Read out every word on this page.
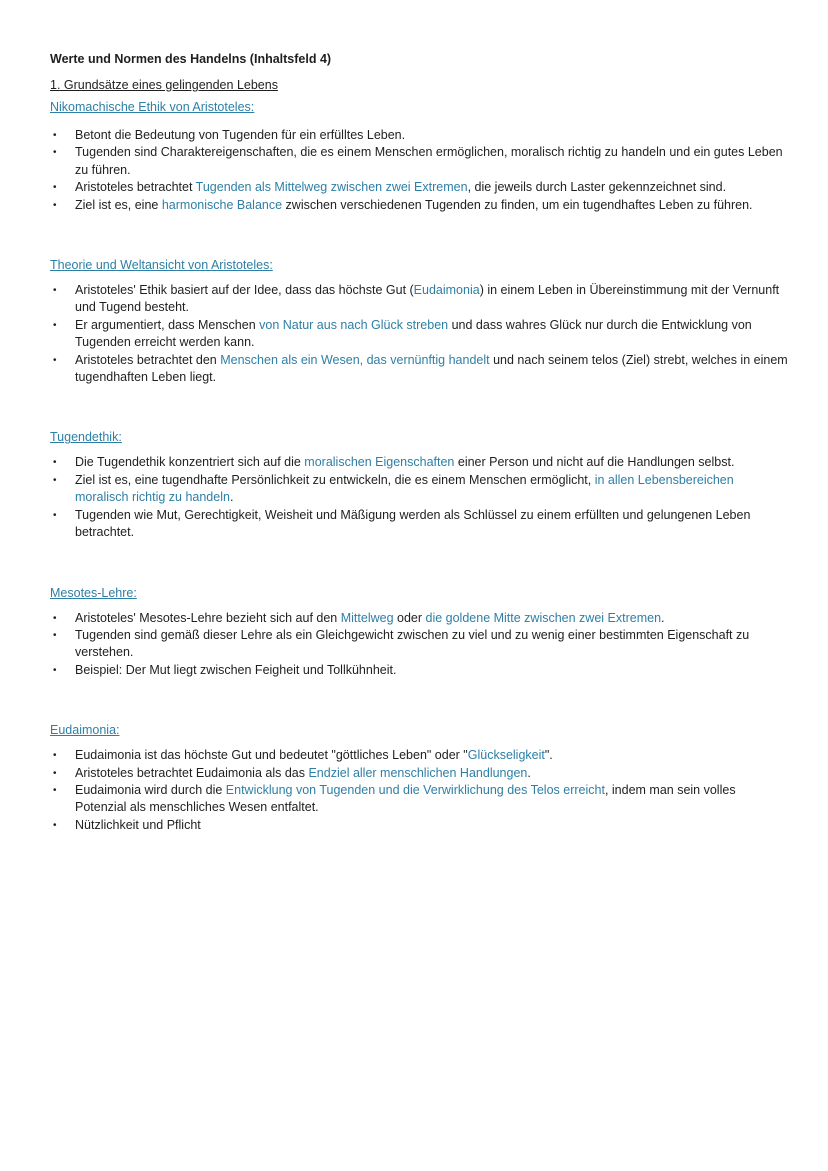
Werte und Normen des Handelns (Inhaltsfeld 4)
1. Grundsätze eines gelingenden Lebens
Nikomachische Ethik von Aristoteles:
• Betont die Bedeutung von Tugenden für ein erfülltes Leben.
• Tugenden sind Charaktereigenschaften, die es einem Menschen ermöglichen, moralisch richtig zu handeln und ein gutes Leben zu führen.
• Aristoteles betrachtet Tugenden als Mittelweg zwischen zwei Extremen, die jeweils durch Laster gekennzeichnet sind.
• Ziel ist es, eine harmonische Balance zwischen verschiedenen Tugenden zu finden, um ein tugendhaftes Leben zu führen.
Theorie und Weltansicht von Aristoteles:
• Aristoteles' Ethik basiert auf der Idee, dass das höchste Gut (Eudaimonia) in einem Leben in Übereinstimmung mit der Vernunft und Tugend besteht.
• Er argumentiert, dass Menschen von Natur aus nach Glück streben und dass wahres Glück nur durch die Entwicklung von Tugenden erreicht werden kann.
• Aristoteles betrachtet den Menschen als ein Wesen, das vernünftig handelt und nach seinem telos (Ziel) strebt, welches in einem tugendhaften Leben liegt.
Tugendethik:
• Die Tugendethik konzentriert sich auf die moralischen Eigenschaften einer Person und nicht auf die Handlungen selbst.
• Ziel ist es, eine tugendhafte Persönlichkeit zu entwickeln, die es einem Menschen ermöglicht, in allen Lebensbereichen moralisch richtig zu handeln.
• Tugenden wie Mut, Gerechtigkeit, Weisheit und Mäßigung werden als Schlüssel zu einem erfüllten und gelungenen Leben betrachtet.
Mesotes-Lehre:
• Aristoteles' Mesotes-Lehre bezieht sich auf den Mittelweg oder die goldene Mitte zwischen zwei Extremen.
• Tugenden sind gemäß dieser Lehre als ein Gleichgewicht zwischen zu viel und zu wenig einer bestimmten Eigenschaft zu verstehen.
• Beispiel: Der Mut liegt zwischen Feigheit und Tollkühnheit.
Eudaimonia:
• Eudaimonia ist das höchste Gut und bedeutet "göttliches Leben" oder "Glückseligkeit".
• Aristoteles betrachtet Eudaimonia als das Endziel aller menschlichen Handlungen.
• Eudaimonia wird durch die Entwicklung von Tugenden und die Verwirklichung des Telos erreicht, indem man sein volles Potenzial als menschliches Wesen entfaltet.
• Nützlichkeit und Pflicht
